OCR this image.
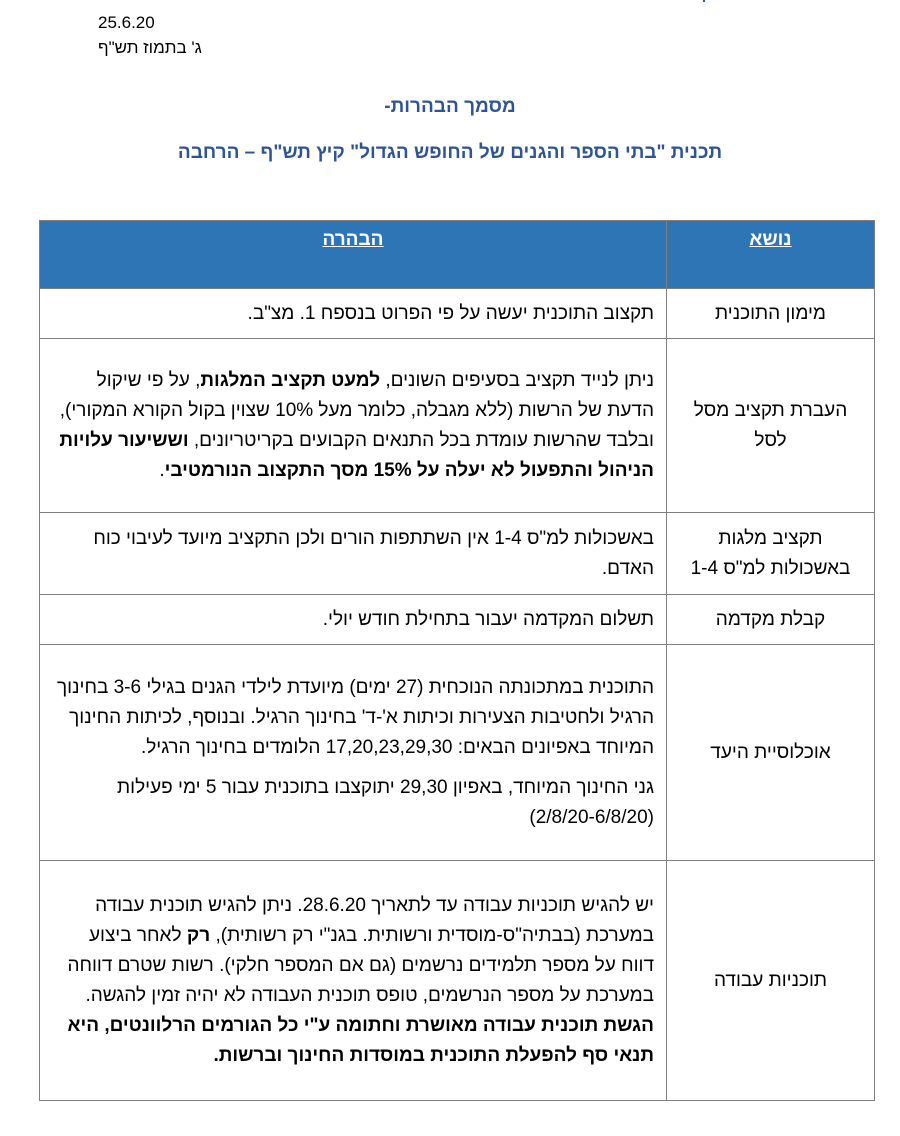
25.6.20
ג' בתמוז תש"ף
מסמך הבהרות-
תכנית "בתי הספר והגנים של החופש הגדול" קיץ תש"ף – הרחבה
נושא	הבהרה
מימון התוכנית	תקצוב התוכנית יעשה על פי הפרוט בנספח 1. מצ"ב.
העברת תקציב מסל לסל	ניתן לנייד תקציב בסעיפים השונים, למעט תקציב המלגות, על פי שיקול הדעת של הרשות (ללא מגבלה, כלומר מעל 10% שצוין בקול הקורא המקורי), ובלבד שהרשות עומדת בכל התנאים הקבועים בקריטריונים, וששיעור עלויות הניהול והתפעול לא יעלה על 15% מסך התקצוב הנורמטיבי.
תקציב מלגות באשכולות למ"ס 1-4	באשכולות למ"ס 1-4 אין השתתפות הורים ולכן התקציב מיועד לעיבוי כוח האדם.
קבלת מקדמה	תשלום המקדמה יעבור בתחילת חודש יולי.
אוכלוסיית היעד	התוכנית במתכונתה הנוכחית (27 ימים) מיועדת לילדי הגנים בגילי 3-6 בחינוך הרגיל ולחטיבות הצעירות וכיתות א'-ד' בחינוך הרגיל. ובנוסף, לכיתות החינוך המיוחד באפיונים הבאים: 17,20,23,29,30 הלומדים בחינוך הרגיל.

גני החינוך המיוחד, באפיון 29,30 יתוקצבו בתוכנית עבור 5 ימי פעילות (2/8/20-6/8/20)

תוכניות עבודה	יש להגיש תוכניות עבודה עד לתאריך 28.6.20. ניתן להגיש תוכנית עבודה במערכת (בבתיה"ס-מוסדית ורשותית. בגנ"י רק רשותית), רק לאחר ביצוע דווח על מספר תלמידים נרשמים (גם אם המספר חלקי). רשות שטרם דווחה במערכת על מספר הנרשמים, טופס תוכנית העבודה לא יהיה זמין להגשה. הגשת תוכנית עבודה מאושרת וחתומה ע"י כל הגורמים הרלוונטים, היא תנאי סף להפעלת התוכנית במוסדות החינוך וברשות.
